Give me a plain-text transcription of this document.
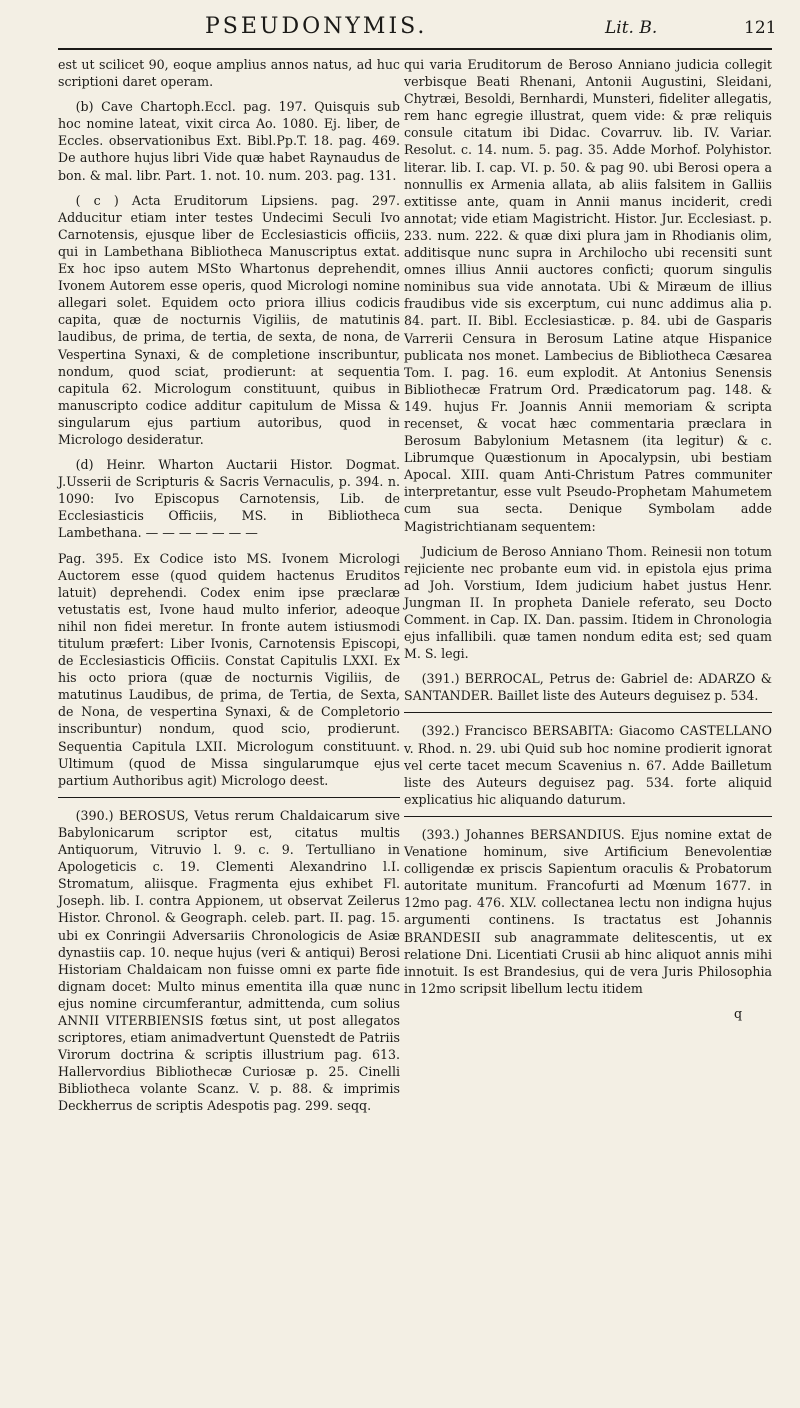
PSEUDONYMIS.	Lit. B.	121

est ut scilicet 90, eoque amplius annos natus, ad huc scriptioni daret operam.

(b) Cave Chartoph.Eccl. pag. 197. Quisquis sub hoc nomine lateat, vixit circa Ao. 1080. Ej. liber, de Eccles. observationibus Ext. Bibl.Pp.T. 18. pag. 469. De authore hujus libri Vide quæ habet Raynaudus de bon. & mal. libr. Part. 1. not. 10. num. 203. pag. 131.

( c ) Acta Eruditorum Lipsiens. pag. 297. Adducitur etiam inter testes Undecimi Seculi Ivo Carnotensis, ejusque liber de Ecclesiasticis officiis, qui in Lambethana Bibliotheca Manuscriptus extat. Ex hoc ipso autem MSto Whartonus deprehendit, Ivonem Autorem esse operis, quod Micrologi nomine allegari solet. Equidem octo priora illius codicis capita, quæ de nocturnis Vigiliis, de matutinis laudibus, de prima, de tertia, de sexta, de nona, de Vespertina Synaxi, & de completione inscribuntur, nondum, quod sciat, prodierunt: at sequentia capitula 62. Micrologum constituunt, quibus in manuscripto codice additur capitulum de Missa & singularum ejus partium autoribus, quod in Micrologo desideratur.

(d) Heinr. Wharton Auctarii Histor. Dogmat. J.Usserii de Scripturis & Sacris Vernaculis, p. 394. n. 1090: Ivo Episcopus Carnotensis, Lib. de Ecclesiasticis Officiis, MS. in Bibliotheca Lambethana. — — — — — — —

Pag. 395. Ex Codice isto MS. Ivonem Micrologi Auctorem esse (quod quidem hactenus Eruditos latuit) deprehendi. Codex enim ipse præclaræ vetustatis est, Ivone haud multo inferior, adeoque nihil non fidei meretur. In fronte autem istiusmodi titulum præfert: Liber Ivonis, Carnotensis Episcopi, de Ecclesiasticis Officiis. Constat Capitulis LXXI. Ex his octo priora (quæ de nocturnis Vigiliis, de matutinus Laudibus, de prima, de Tertia, de Sexta, de Nona, de vespertina Synaxi, & de Completorio inscribuntur) nondum, quod scio, prodierunt. Sequentia Capitula LXII. Micrologum constituunt. Ultimum (quod de Missa singularumque ejus partium Authoribus agit) Micrologo deest.

(390.) BEROSUS, Vetus rerum Chaldaicarum sive Babylonicarum scriptor est, citatus multis Antiquorum, Vitruvio l. 9. c. 9. Tertulliano in Apologeticis c. 19. Clementi Alexandrino l.I. Stromatum, aliisque. Fragmenta ejus exhibet Fl. Joseph. lib. I. contra Appionem, ut observat Zeilerus Histor. Chronol. & Geograph. celeb. part. II. pag. 15. ubi ex Conringii Adversariis Chronologicis de Asiæ dynastiis cap. 10. neque hujus (veri & antiqui) Berosi Historiam Chaldaicam non fuisse omni ex parte fide dignam docet: Multo minus ementita illa quæ nunc ejus nomine circumferantur, admittenda, cum solius ANNII VITERBIENSIS fœtus sint, ut post allegatos scriptores, etiam animadvertunt Quenstedt de Patriis Virorum doctrina & scriptis illustrium pag. 613. Hallervordius Bibliothecæ Curiosæ p. 25. Cinelli Bibliotheca volante Scanz. V. p. 88. & imprimis Deckherrus de scriptis Adespotis pag. 299. seqq.

qui varia Eruditorum de Beroso Anniano judicia collegit verbisque Beati Rhenani, Antonii Augustini, Sleidani, Chytræi, Besoldi, Bernhardi, Munsteri, fideliter allegatis, rem hanc egregie illustrat, quem vide: & præ reliquis consule citatum ibi Didac. Covarruv. lib. IV. Variar. Resolut. c. 14. num. 5. pag. 35. Adde Morhof. Polyhistor. literar. lib. I. cap. VI. p. 50. & pag 90. ubi Berosi opera a nonnullis ex Armenia allata, ab aliis falsitem in Galliis extitisse ante, quam in Annii manus inciderit, credi annotat; vide etiam Magistricht. Histor. Jur. Ecclesiast. p. 233. num. 222. & quæ dixi plura jam in Rhodianis olim, additisque nunc supra in Archilocho ubi recensiti sunt omnes illius Annii auctores conficti; quorum singulis nominibus sua vide annotata. Ubi & Miræum de illius fraudibus vide sis excerptum, cui nunc addimus alia p. 84. part. II. Bibl. Ecclesiasticæ. p. 84. ubi de Gasparis Varrerii Censura in Berosum Latine atque Hispanice publicata nos monet. Lambecius de Bibliotheca Cæsarea Tom. I. pag. 16. eum explodit. At Antonius Senensis Bibliothecæ Fratrum Ord. Prædicatorum pag. 148. & 149. hujus Fr. Joannis Annii memoriam & scripta recenset, & vocat hæc commentaria præclara in Berosum Babylonium Metasnem (ita legitur) & c. Librumque Quæstionum in Apocalypsin, ubi bestiam Apocal. XIII. quam Anti-Christum Patres communiter interpretantur, esse vult Pseudo-Prophetam Mahumetem cum sua secta. Denique Symbolam adde Magistrichtianam sequentem:

Judicium de Beroso Anniano Thom. Reinesii non totum rejiciente nec probante eum vid. in epistola ejus prima ad Joh. Vorstium, Idem judicium habet justus Henr. Jungman II. In propheta Daniele referato, seu Docto Comment. in Cap. IX. Dan. passim. Itidem in Chronologia ejus infallibili. quæ tamen nondum edita est; sed quam M. S. legi.

(391.) BERROCAL, Petrus de: Gabriel de: ADARZO & SANTANDER. Baillet liste des Auteurs deguisez p. 534.

(392.) Francisco BERSABITA: Giacomo CASTELLANO v. Rhod. n. 29. ubi Quid sub hoc nomine prodierit ignorat vel certe tacet mecum Scavenius n. 67. Adde Bailletum liste des Auteurs deguisez pag. 534. forte aliquid explicatius hic aliquando daturum.

(393.) Johannes BERSANDIUS. Ejus nomine extat de Venatione hominum, sive Artificium Benevolentiæ colligendæ ex priscis Sapientum oraculis & Probatorum autoritate munitum. Francofurti ad Mœnum 1677. in 12mo pag. 476. XLV. collectanea lectu non indigna hujus argumenti continens. Is tractatus est Johannis BRANDESII sub anagrammate delitescentis, ut ex relatione Dni. Licentiati Crusii ab hinc aliquot annis mihi innotuit. Is est Brandesius, qui de vera Juris Philosophia in 12mo scripsit libellum lectu itidem

q
